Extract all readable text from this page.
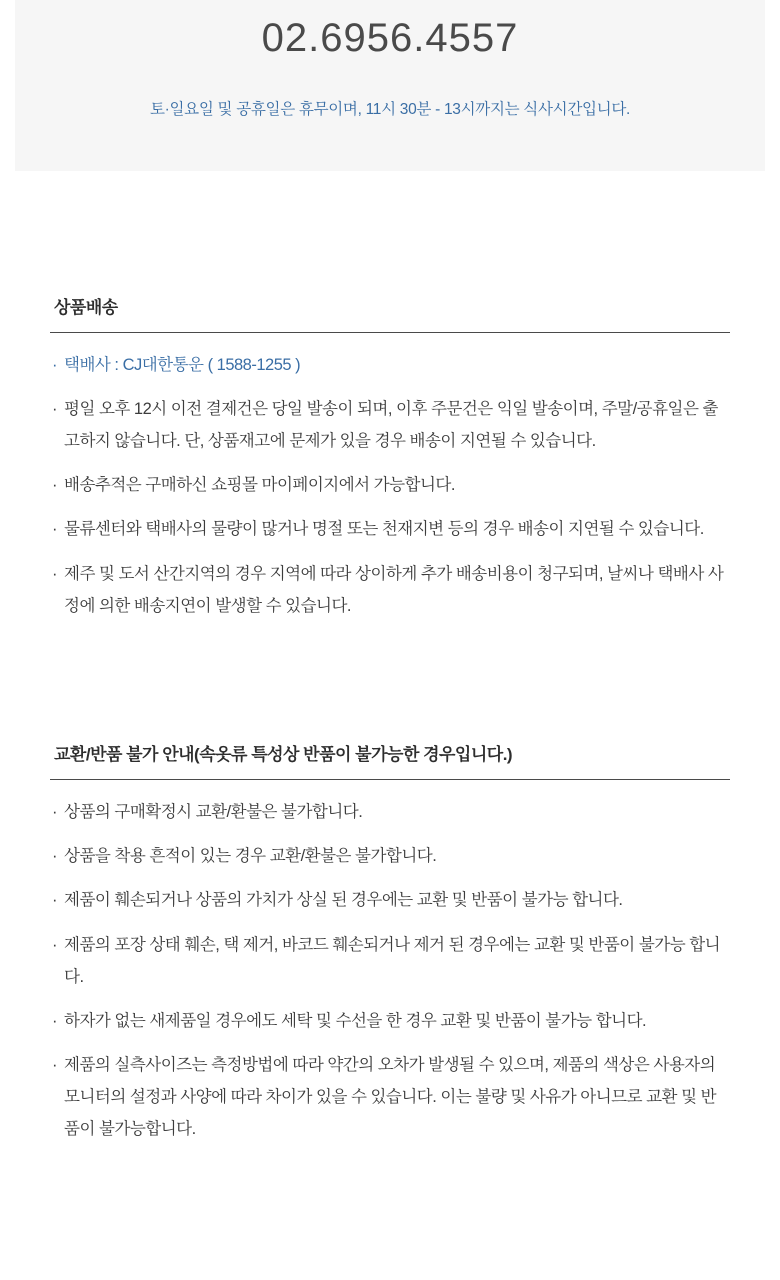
02.6956.4557
토·일요일 및 공휴일은 휴무이며, 11시 30분 - 13시까지는 식사시간입니다.
상품배송
· 택배사 : CJ대한통운 ( 1588-1255 )
· 평일 오후 12시 이전 결제건은 당일 발송이 되며, 이후 주문건은 익일 발송이며, 주말/공휴일은 출고하지 않습니다. 단, 상품재고에 문제가 있을 경우 배송이 지연될 수 있습니다.
· 배송추적은 구매하신 쇼핑몰 마이페이지에서 가능합니다.
· 물류센터와 택배사의 물량이 많거나 명절 또는 천재지변 등의 경우 배송이 지연될 수 있습니다.
· 제주 및 도서 산간지역의 경우 지역에 따라 상이하게 추가 배송비용이 청구되며, 날씨나 택배사 사정에 의한 배송지연이 발생할 수 있습니다.
교환/반품 불가 안내(속옷류 특성상 반품이 불가능한 경우입니다.)
· 상품의 구매확정시 교환/환불은 불가합니다.
· 상품을 착용 흔적이 있는 경우 교환/환불은 불가합니다.
· 제품이 훼손되거나 상품의 가치가 상실 된 경우에는 교환 및 반품이 불가능 합니다.
· 제품의 포장 상태 훼손, 택 제거, 바코드 훼손되거나 제거 된 경우에는 교환 및 반품이 불가능 합니다.
· 하자가 없는 새제품일 경우에도 세탁 및 수선을 한 경우 교환 및 반품이 불가능 합니다.
· 제품의 실측사이즈는 측정방법에 따라 약간의 오차가 발생될 수 있으며, 제품의 색상은 사용자의 모니터의 설정과 사양에 따라 차이가 있을 수 있습니다. 이는 불량 및 사유가 아니므로 교환 및 반품이 불가능합니다.
